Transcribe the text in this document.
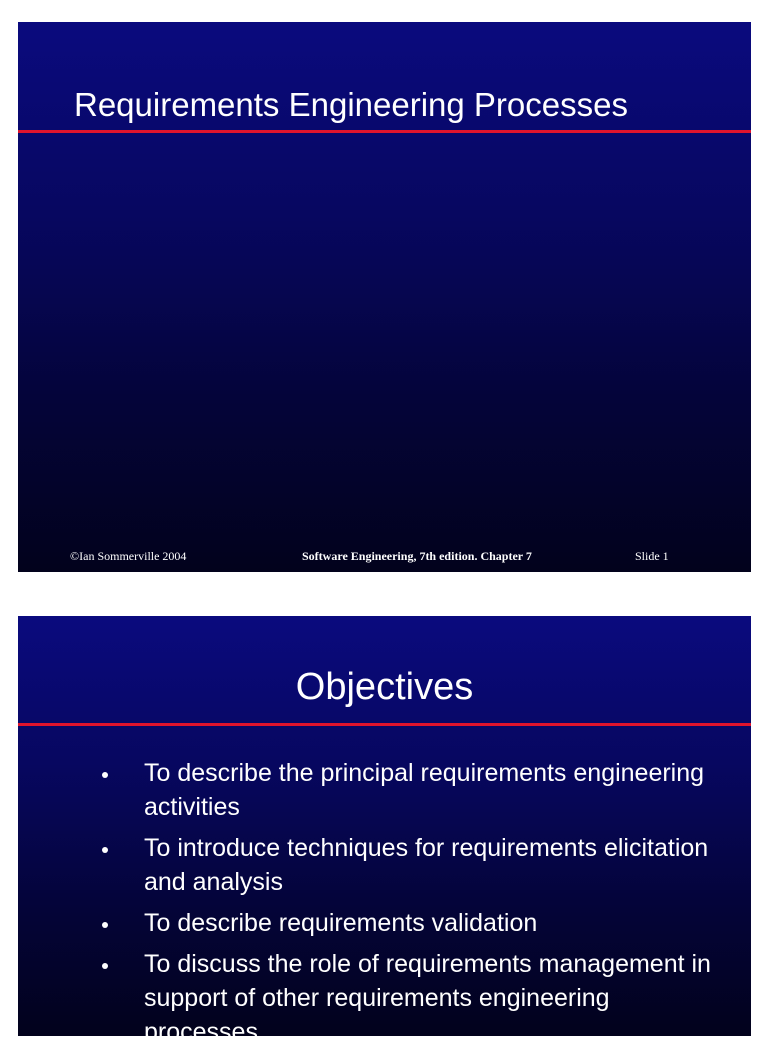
Requirements Engineering Processes
©Ian Sommerville 2004	Software Engineering, 7th edition. Chapter 7	Slide 1
Objectives
To describe the principal requirements engineering activities
To introduce techniques for requirements elicitation and analysis
To describe requirements validation
To discuss the role of requirements management in support of other requirements engineering processes
